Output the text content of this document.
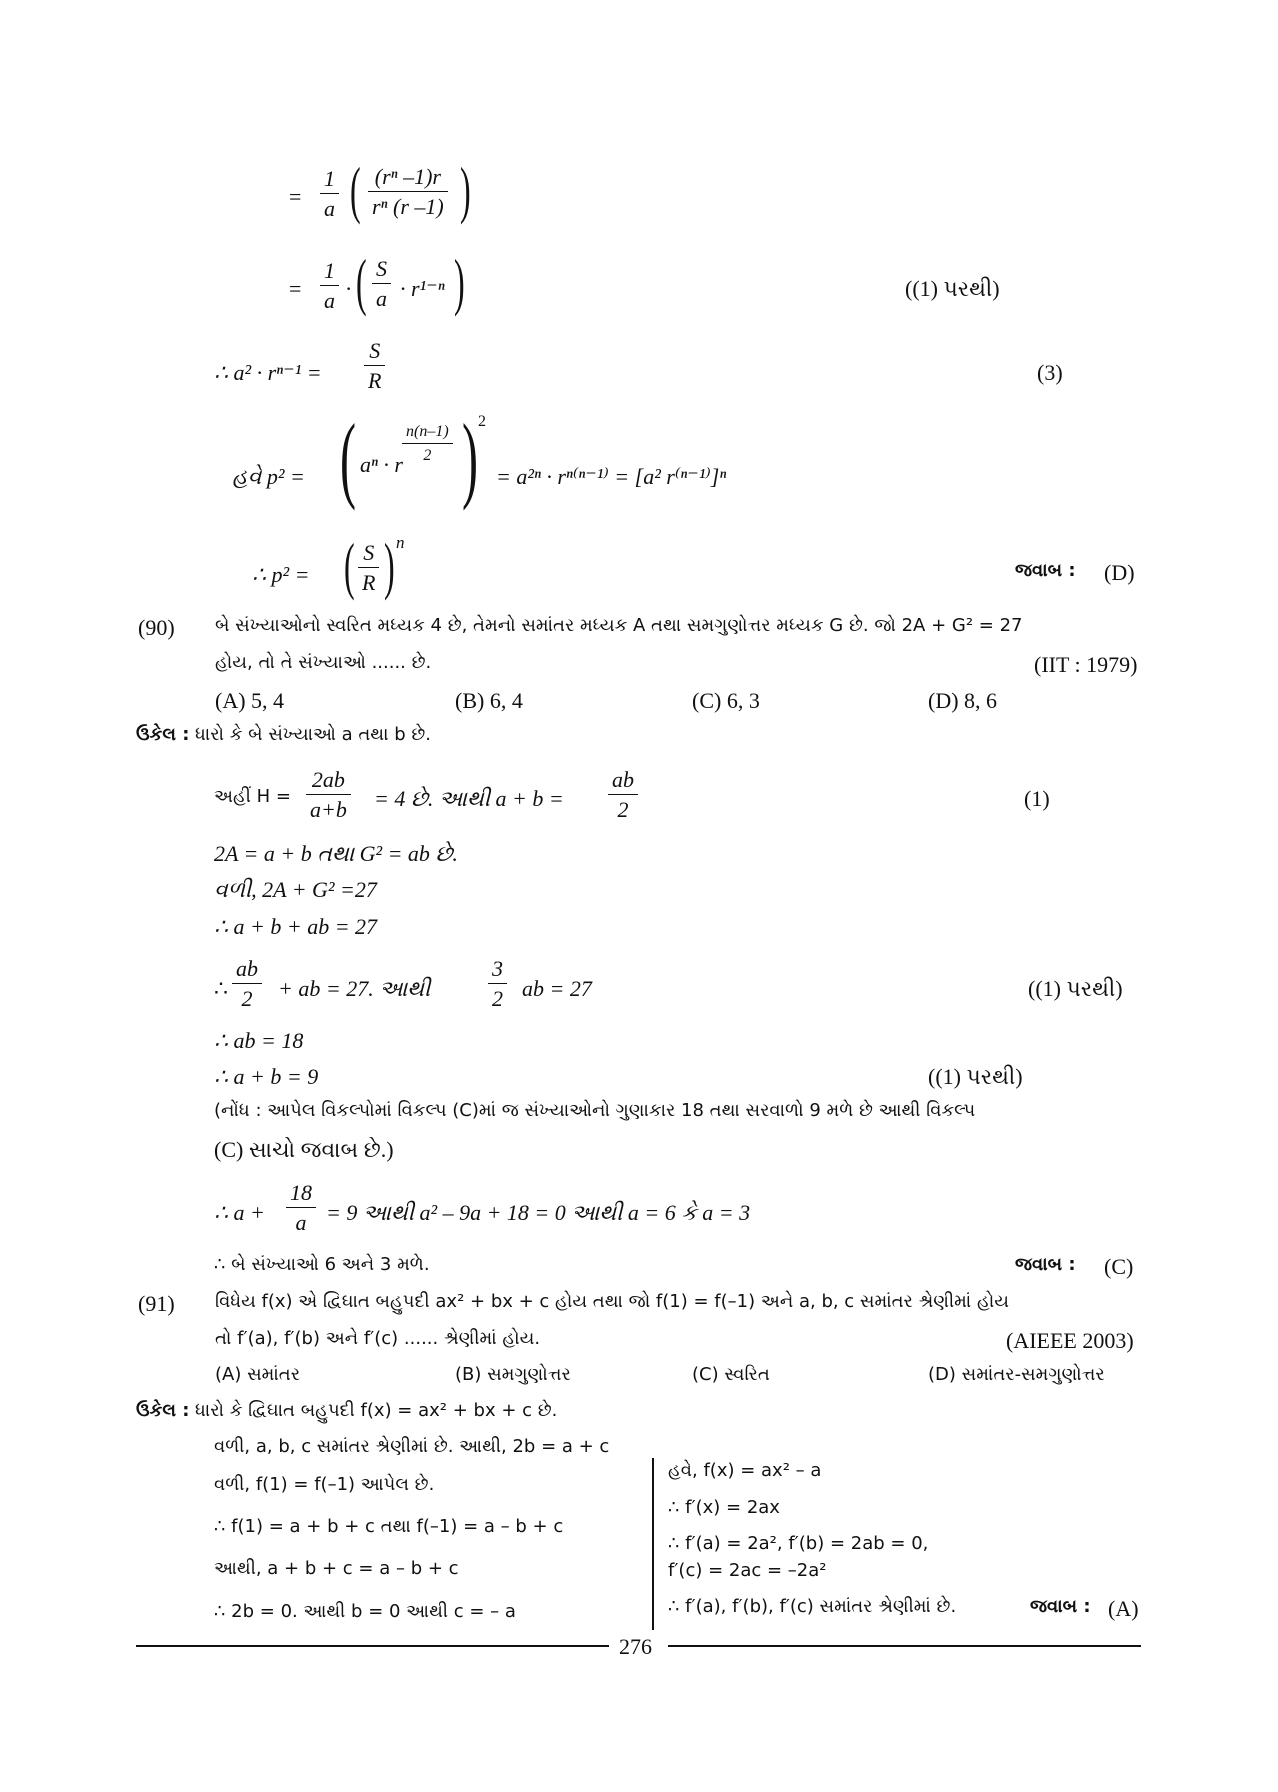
= $\frac{1}{a}$ ( $\frac{\text{(rⁿ –1)r}}{\text{rⁿ (r –1)}}$ )
= $\frac{1}{a}$ · ( $\frac{S}{a} \cdot r^{1-n}$ )	((1) પરથી)
∴ $a^2 \cdot r^{n-1} = \frac{S}{R}$	(3)
હવે p² = ( aⁿ · r
$\frac{n(n-1)}{2}$ ) 2
= a²ⁿ · rⁿ⁽ⁿ⁻¹⁾ = [a² r⁽ⁿ⁻¹⁾]ⁿ
∴ p² = ( $\frac{S}{R}$ ) n
જવાબ : (D)
(90) બે સંખ્યાઓનો સ્વરિત મધ્યક 4 છે, તેમનો સમાંતર મધ્યક A તથા સમગુણોત્તર મધ્યક G છે. જો 2A + G² = 27
હોય, તો તે સંખ્યાઓ ...... છે.	(IIT : 1979)
(A) 5, 4	(B) 6, 4	(C) 6, 3	(D) 8, 6
ઉકેલ : ધારો કે બે સંખ્યાઓ a તથા b છે.
અહીં $H = \frac{2ab}{a+b} = 4$ છે. આથી $a + b = \frac{ab}{2}$	(1)
2A = a + b તથા G² = ab છે.
વળી, 2A + G² =27
∴ a + b + ab = 27
∴ $\frac{ab}{2}$ + ab = 27. આથી	$\frac{3}{2}$ ab = 27	((1) પરથી)
∴ ab = 18
∴ a + b = 9	((1) પરથી)
(નોંધ : આપેલ વિકલ્પોમાં વિકલ્પ (C)માં જ સંખ્યાઓનો ગુણાકાર 18 તથા સરવાળો 9 મળે છે આથી વિકલ્પ
(C) સાચો જવાબ છે.)
∴ $a + \frac{18}{a} = 9$ આથી a² – 9a + 18 = 0 આથી a = 6 કે a = 3
∴ બે સંખ્યાઓ 6 અને 3 મળે.	જવાબ : (C)
(91) વિધેય f(x) એ દ્વિઘાત બહુપદી ax² + bx + c હોય તથા જો f(1) = f(–1) અને a, b, c સમાંતર શ્રેણીમાં હોય
તો f′(a), f′(b) અને f′(c) ...... શ્રેણીમાં હોય.	(AIEEE 2003)
(A) સમાંતર	(B) સમગુણોત્તર	(C) સ્વરિત	(D) સમાંતર-સમગુણોત્તર
ઉકેલ : ધારો કે દ્વિઘાત બહુપદી f(x) = ax² + bx + c છે.
વળી, a, b, c સમાંતર શ્રેણીમાં છે. આથી, 2b = a + c
વળી, f(1) = f(–1) આપેલ છે.
∴ f(1) = a + b + c તથા f(–1) = a – b + c
આથી, a + b + c = a – b + c
∴ 2b = 0. આથી b = 0 આથી c = – a
હવે, f(x) = ax² – a
∴ f′(x) = 2ax
∴ f′(a) = 2a², f′(b) = 2ab = 0,
f′(c) = 2ac = –2a²
∴ f′(a), f′(b), f′(c) સમાંતર શ્રેણીમાં છે.	જવાબ : (A)
276
